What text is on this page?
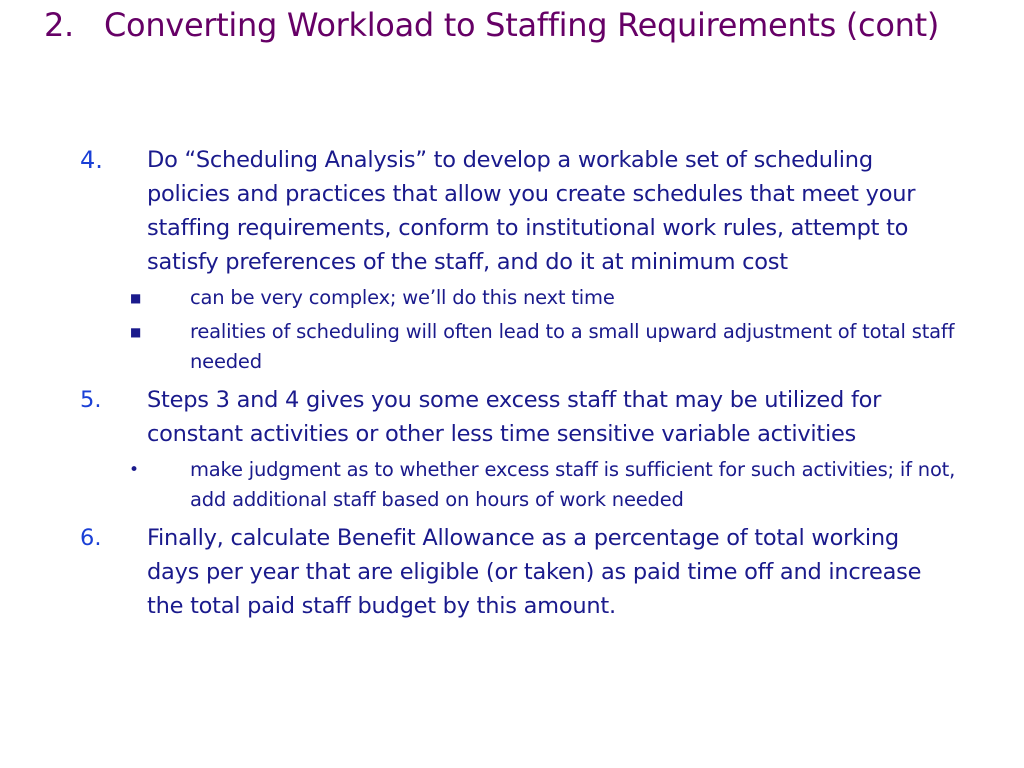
2. Converting Workload to Staffing Requirements (cont)
4. Do “Scheduling Analysis” to develop a workable set of scheduling policies and practices that allow you create schedules that meet your staffing requirements, conform to institutional work rules, attempt to satisfy preferences of the staff, and do it at minimum cost
■ can be very complex; we’ll do this next time
■ realities of scheduling will often lead to a small upward adjustment of total staff needed
5. Steps 3 and 4 gives you some excess staff that may be utilized for constant activities or other less time sensitive variable activities
•	make judgment as to whether excess staff is sufficient for such activities; if not, add additional staff based on hours of work needed
6. Finally, calculate Benefit Allowance as a percentage of total working days per year that are eligible (or taken) as paid time off and increase the total paid staff budget by this amount.
